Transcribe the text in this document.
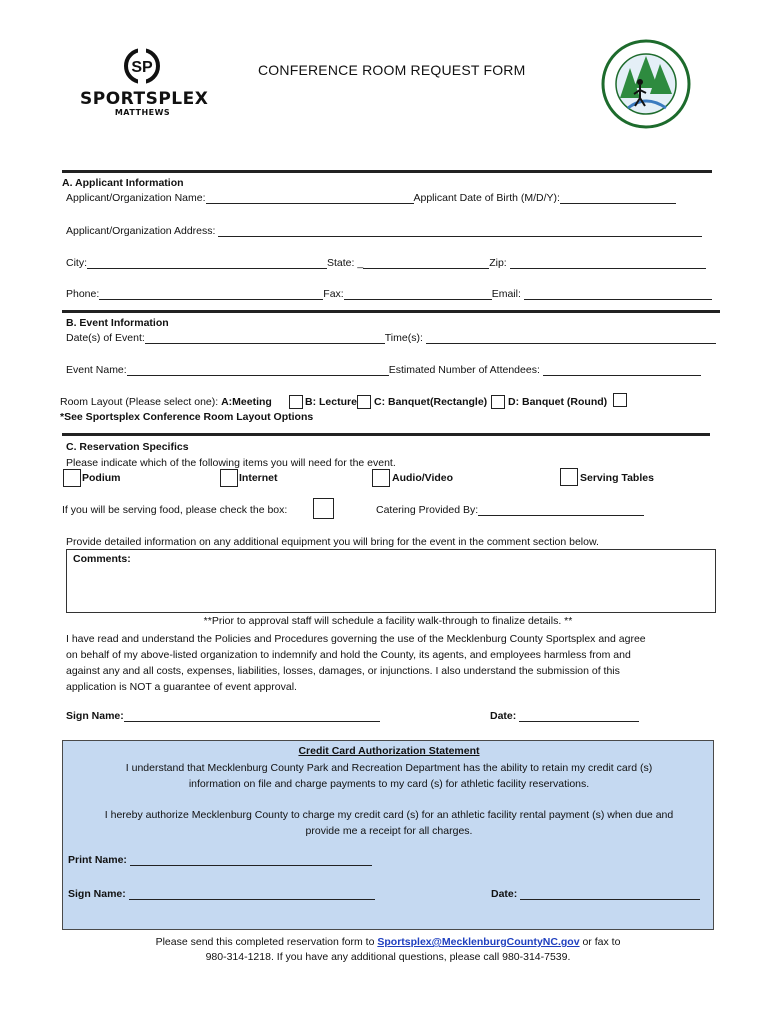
SP
SPORTSPLEX
MATTHEWS
CONFERENCE ROOM REQUEST FORM
A. Applicant Information
Applicant/Organization Name:	Applicant Date of Birth (M/D/Y):
Applicant/Organization Address:
City:	State: _	Zip:
Phone:	Fax:	Email:
B. Event Information
Date(s) of Event:	Time(s):
Event Name:	Estimated Number of Attendees:
Room Layout (Please select one): A:Meeting	B: Lecture C: Banquet(Rectangle) D: Banquet (Round)
*See Sportsplex Conference Room Layout Options
C. Reservation Specifics
Please indicate which of the following items you will need for the event.
Podium	Internet	Audio/Video	Serving Tables
If you will be serving food, please check the box:	Catering Provided By:
Provide detailed information on any additional equipment you will bring for the event in the comment section below.
Comments:
**Prior to approval staff will schedule a facility walk-through to finalize details. **
I have read and understand the Policies and Procedures governing the use of the Mecklenburg County Sportsplex and agree
on behalf of my above-listed organization to indemnify and hold the County, its agents, and employees harmless from and
against any and all costs, expenses, liabilities, losses, damages, or injunctions. I also understand the submission of this
application is NOT a guarantee of event approval.
Sign Name:	Date:
Credit Card Authorization Statement
I understand that Mecklenburg County Park and Recreation Department has the ability to retain my credit card (s)
information on file and charge payments to my card (s) for athletic facility reservations.
I hereby authorize Mecklenburg County to charge my credit card (s) for an athletic facility rental payment (s) when due and
provide me a receipt for all charges.
Print Name:
Sign Name:	Date:
Please send this completed reservation form to Sportsplex@MecklenburgCountyNC.gov or fax to
980-314-1218. If you have any additional questions, please call 980-314-7539.
